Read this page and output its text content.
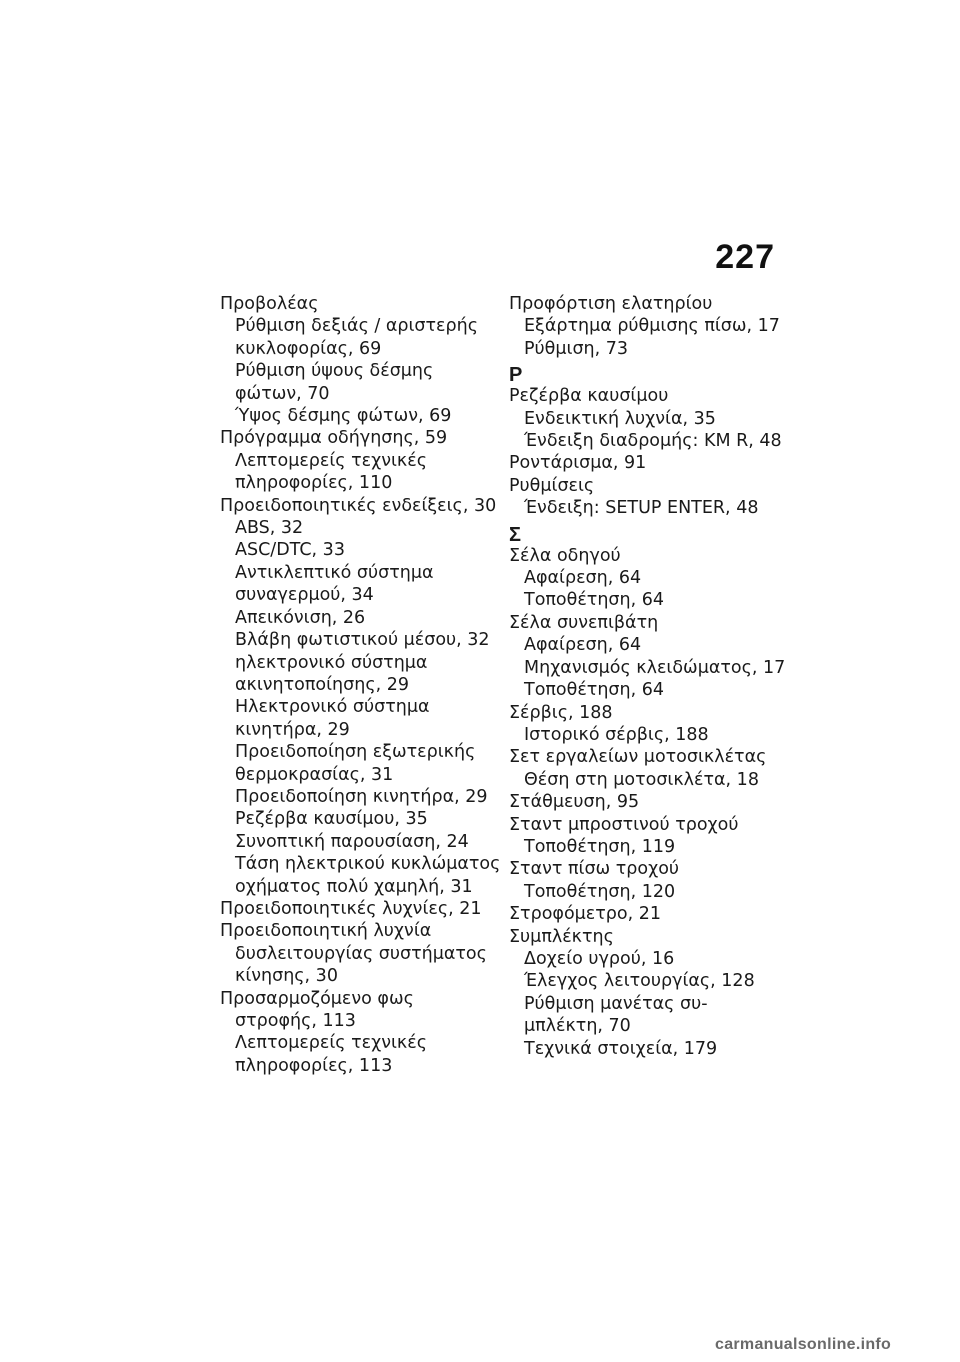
227
Προβολέας
Ρύθμιση δεξιάς / αριστερής
κυκλοφορίας, 69
Ρύθμιση ύψους δέσμης
φώτων, 70
Ύψος δέσμης φώτων, 69
Πρόγραμμα οδήγησης, 59
Λεπτομερείς τεχνικές
πληροφορίες, 110
Προειδοποιητικές ενδείξεις, 30
ABS, 32
ASC/DTC, 33
Αντικλεπτικό σύστημα
συναγερμού, 34
Απεικόνιση, 26
Βλάβη φωτιστικού μέσου, 32
ηλεκτρονικό σύστημα
ακινητοποίησης, 29
Ηλεκτρονικό σύστημα
κινητήρα, 29
Προειδοποίηση εξωτερικής
θερμοκρασίας, 31
Προειδοποίηση κινητήρα, 29
Ρεζέρβα καυσίμου, 35
Συνοπτική παρουσίαση, 24
Τάση ηλεκτρικού κυκλώματος
οχήματος πολύ χαμηλή, 31
Προειδοποιητικές λυχνίες, 21
Προειδοποιητική λυχνία
δυσλειτουργίας συστήματος
κίνησης, 30
Προσαρμοζόμενο φως
στροφής, 113
Λεπτομερείς τεχνικές
πληροφορίες, 113
Προφόρτιση ελατηρίου
Εξάρτημα ρύθμισης πίσω, 17
Ρύθμιση, 73
Ρ
Ρεζέρβα καυσίμου
Ενδεικτική λυχνία, 35
Ένδειξη διαδρομής: KM R, 48
Ροντάρισμα, 91
Ρυθμίσεις
Ένδειξη: SETUP ENTER, 48
Σ
Σέλα οδηγού
Αφαίρεση, 64
Τοποθέτηση, 64
Σέλα συνεπιβάτη
Αφαίρεση, 64
Μηχανισμός κλειδώματος, 17
Τοποθέτηση, 64
Σέρβις, 188
Ιστορικό σέρβις, 188
Σετ εργαλείων μοτοσικλέτας
Θέση στη μοτοσικλέτα, 18
Στάθμευση, 95
Σταντ μπροστινού τροχού
Τοποθέτηση, 119
Σταντ πίσω τροχού
Τοποθέτηση, 120
Στροφόμετρο, 21
Συμπλέκτης
Δοχείο υγρού, 16
Έλεγχος λειτουργίας, 128
Ρύθμιση μανέτας συ-
μπλέκτη, 70
Τεχνικά στοιχεία, 179
carmanualsonline.info
